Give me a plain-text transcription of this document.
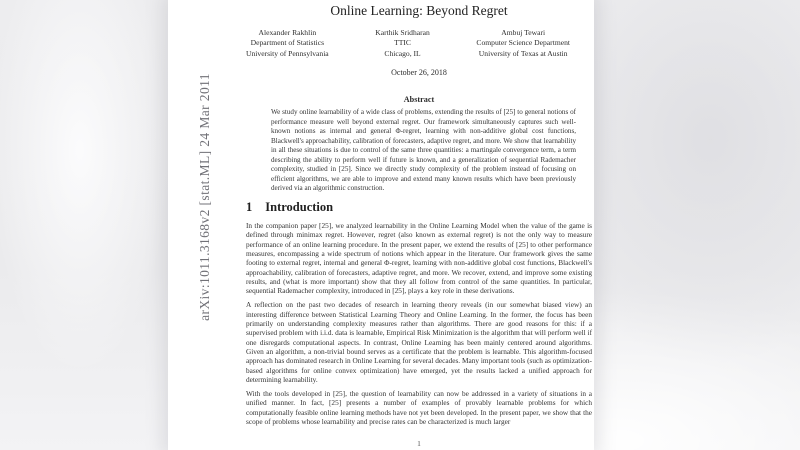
Online Learning: Beyond Regret
Alexander Rakhlin
Department of Statistics
University of Pennsylvania
Karthik Sridharan
TTIC
Chicago, IL
Ambuj Tewari
Computer Science Department
University of Texas at Austin
October 26, 2018
Abstract
We study online learnability of a wide class of problems, extending the results of [25] to general notions of performance measure well beyond external regret. Our framework simultaneously captures such well-known notions as internal and general Φ-regret, learning with non-additive global cost functions, Blackwell's approachability, calibration of forecasters, adaptive regret, and more. We show that learnability in all these situations is due to control of the same three quantities: a martingale convergence term, a term describing the ability to perform well if future is known, and a generalization of sequential Rademacher complexity, studied in [25]. Since we directly study complexity of the problem instead of focusing on efficient algorithms, we are able to improve and extend many known results which have been previously derived via an algorithmic construction.
1 Introduction

In the companion paper [25], we analyzed learnability in the Online Learning Model when the value of the game is defined through minimax regret. However, regret (also known as external regret) is not the only way to measure performance of an online learning procedure. In the present paper, we extend the results of [25] to other performance measures, encompassing a wide spectrum of notions which appear in the literature. Our framework gives the same footing to external regret, internal and general Φ-regret, learning with non-additive global cost functions, Blackwell's approachability, calibration of forecasters, adaptive regret, and more. We recover, extend, and improve some existing results, and (what is more important) show that they all follow from control of the same quantities. In particular, sequential Rademacher complexity, introduced in [25], plays a key role in these derivations.

A reflection on the past two decades of research in learning theory reveals (in our somewhat biased view) an interesting difference between Statistical Learning Theory and Online Learning. In the former, the focus has been primarily on understanding complexity measures rather than algorithms. There are good reasons for this: if a supervised problem with i.i.d. data is learnable, Empirical Risk Minimization is the algorithm that will perform well if one disregards computational aspects. In contrast, Online Learning has been mainly centered around algorithms. Given an algorithm, a non-trivial bound serves as a certificate that the problem is learnable. This algorithm-focused approach has dominated research in Online Learning for several decades. Many important tools (such as optimization-based algorithms for online convex optimization) have emerged, yet the results lacked a unified approach for determining learnability.

With the tools developed in [25], the question of learnability can now be addressed in a variety of situations in a unified manner. In fact, [25] presents a number of examples of provably learnable problems for which computationally feasible online learning methods have not yet been developed. In the present paper, we show that the scope of problems whose learnability and precise rates can be characterized is much larger

1
arXiv:1011.3168v2 [stat.ML] 24 Mar 2011
